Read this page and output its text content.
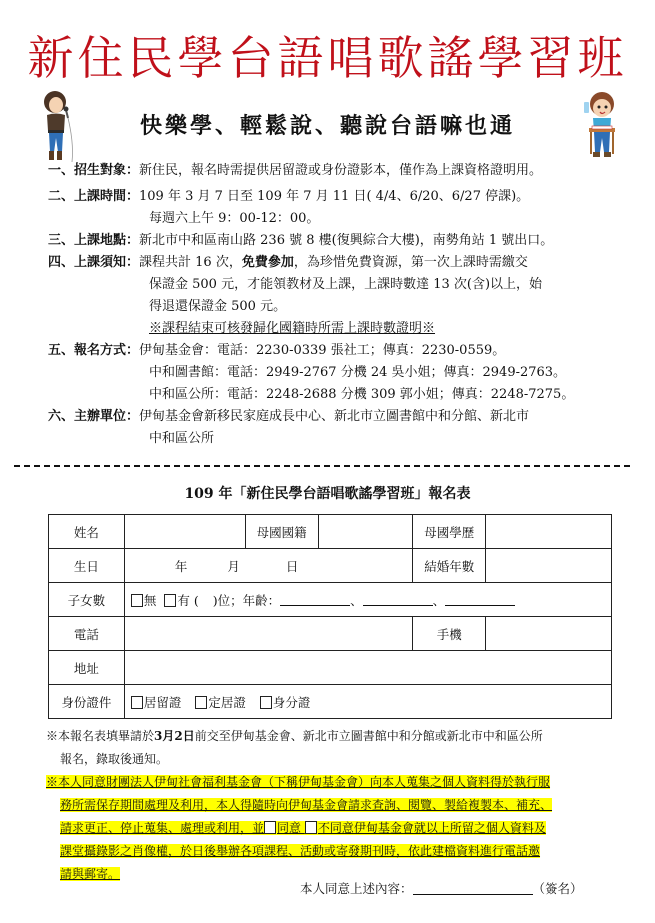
新住民學台語唱歌謠學習班
快樂學、輕鬆說、聽說台語嘛也通
一、招生對象： 新住民，報名時需提供居留證或身份證影本，僅作為上課資格證明用。
二、上課時間： 109 年 3 月 7 日至 109 年 7 月 11 日( 4/4、6/20、6/27 停課)。
每週六上午 9：00-12：00。
三、上課地點： 新北市中和區南山路 236 號 8 樓(復興綜合大樓)，南勢角站 1 號出口。
四、上課須知： 課程共計 16 次，免費參加，為珍惜免費資源，第一次上課時需繳交
保證金 500 元，才能領教材及上課，上課時數達 13 次(含)以上，始
得退還保證金 500 元。
※課程結束可核發歸化國籍時所需上課時數證明※
五、報名方式： 伊甸基金會：電話：2230-0339 張社工；傳真：2230-0559。
中和圖書館：電話：2949-2767 分機 24 吳小姐；傳真：2949-2763。
中和區公所：電話：2248-2688 分機 309 郭小姐；傳真：2248-7275。
六、主辦單位： 伊甸基金會新移民家庭成長中心、新北市立圖書館中和分館、新北市
中和區公所
109 年「新住民學台語唱歌謠學習班」報名表
姓名		母國國籍		母國學歷	
生日	年 月 日			結婚年數	
子女數	無 有 ( )位；年齡： 、 、				
電話				手機	
地址					
身份證件	居留證 定居證 身分證				
※本報名表填畢請於3月2日前交至伊甸基金會、新北市立圖書館中和分館或新北市中和區公所
報名，錄取後通知。
※本人同意財團法人伊甸社會福利基金會（下稱伊甸基金會）向本人蒐集之個人資料得於執行服
務所需保存期間處理及利用，本人得隨時向伊甸基金會請求查詢、閱覽、製給複製本、補充、
請求更正、停止蒐集、處理或利用，並 同意 不同意伊甸基金會就以上所留之個人資料及
課堂攝錄影之肖像權，於日後舉辦各項課程、活動或寄發期刊時，依此建檔資料進行電話邀
請與郵寄。
本人同意上述內容：	（簽名）
